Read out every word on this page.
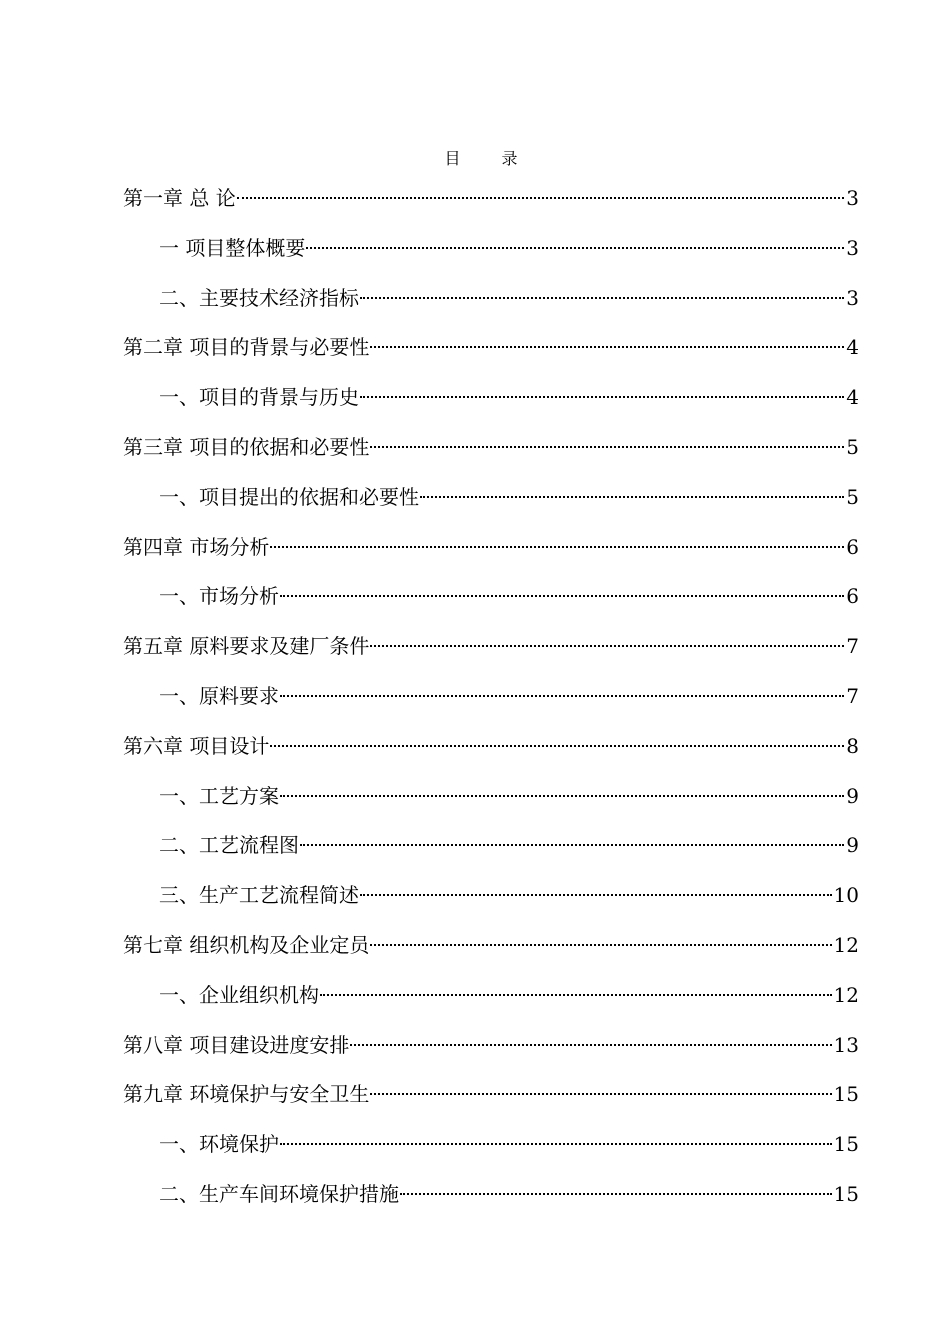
目 录
第一章 总 论	3
一 项目整体概要	3
二、主要技术经济指标	3
第二章 项目的背景与必要性	4
一、项目的背景与历史	4
第三章 项目的依据和必要性	5
一、项目提出的依据和必要性	5
第四章 市场分析	6
一、市场分析	6
第五章 原料要求及建厂条件	7
一、原料要求	7
第六章 项目设计	8
一、工艺方案	9
二、工艺流程图	9
三、生产工艺流程简述	10
第七章 组织机构及企业定员	12
一、企业组织机构	12
第八章 项目建设进度安排	13
第九章 环境保护与安全卫生	15
一、环境保护	15
二、生产车间环境保护措施	15
